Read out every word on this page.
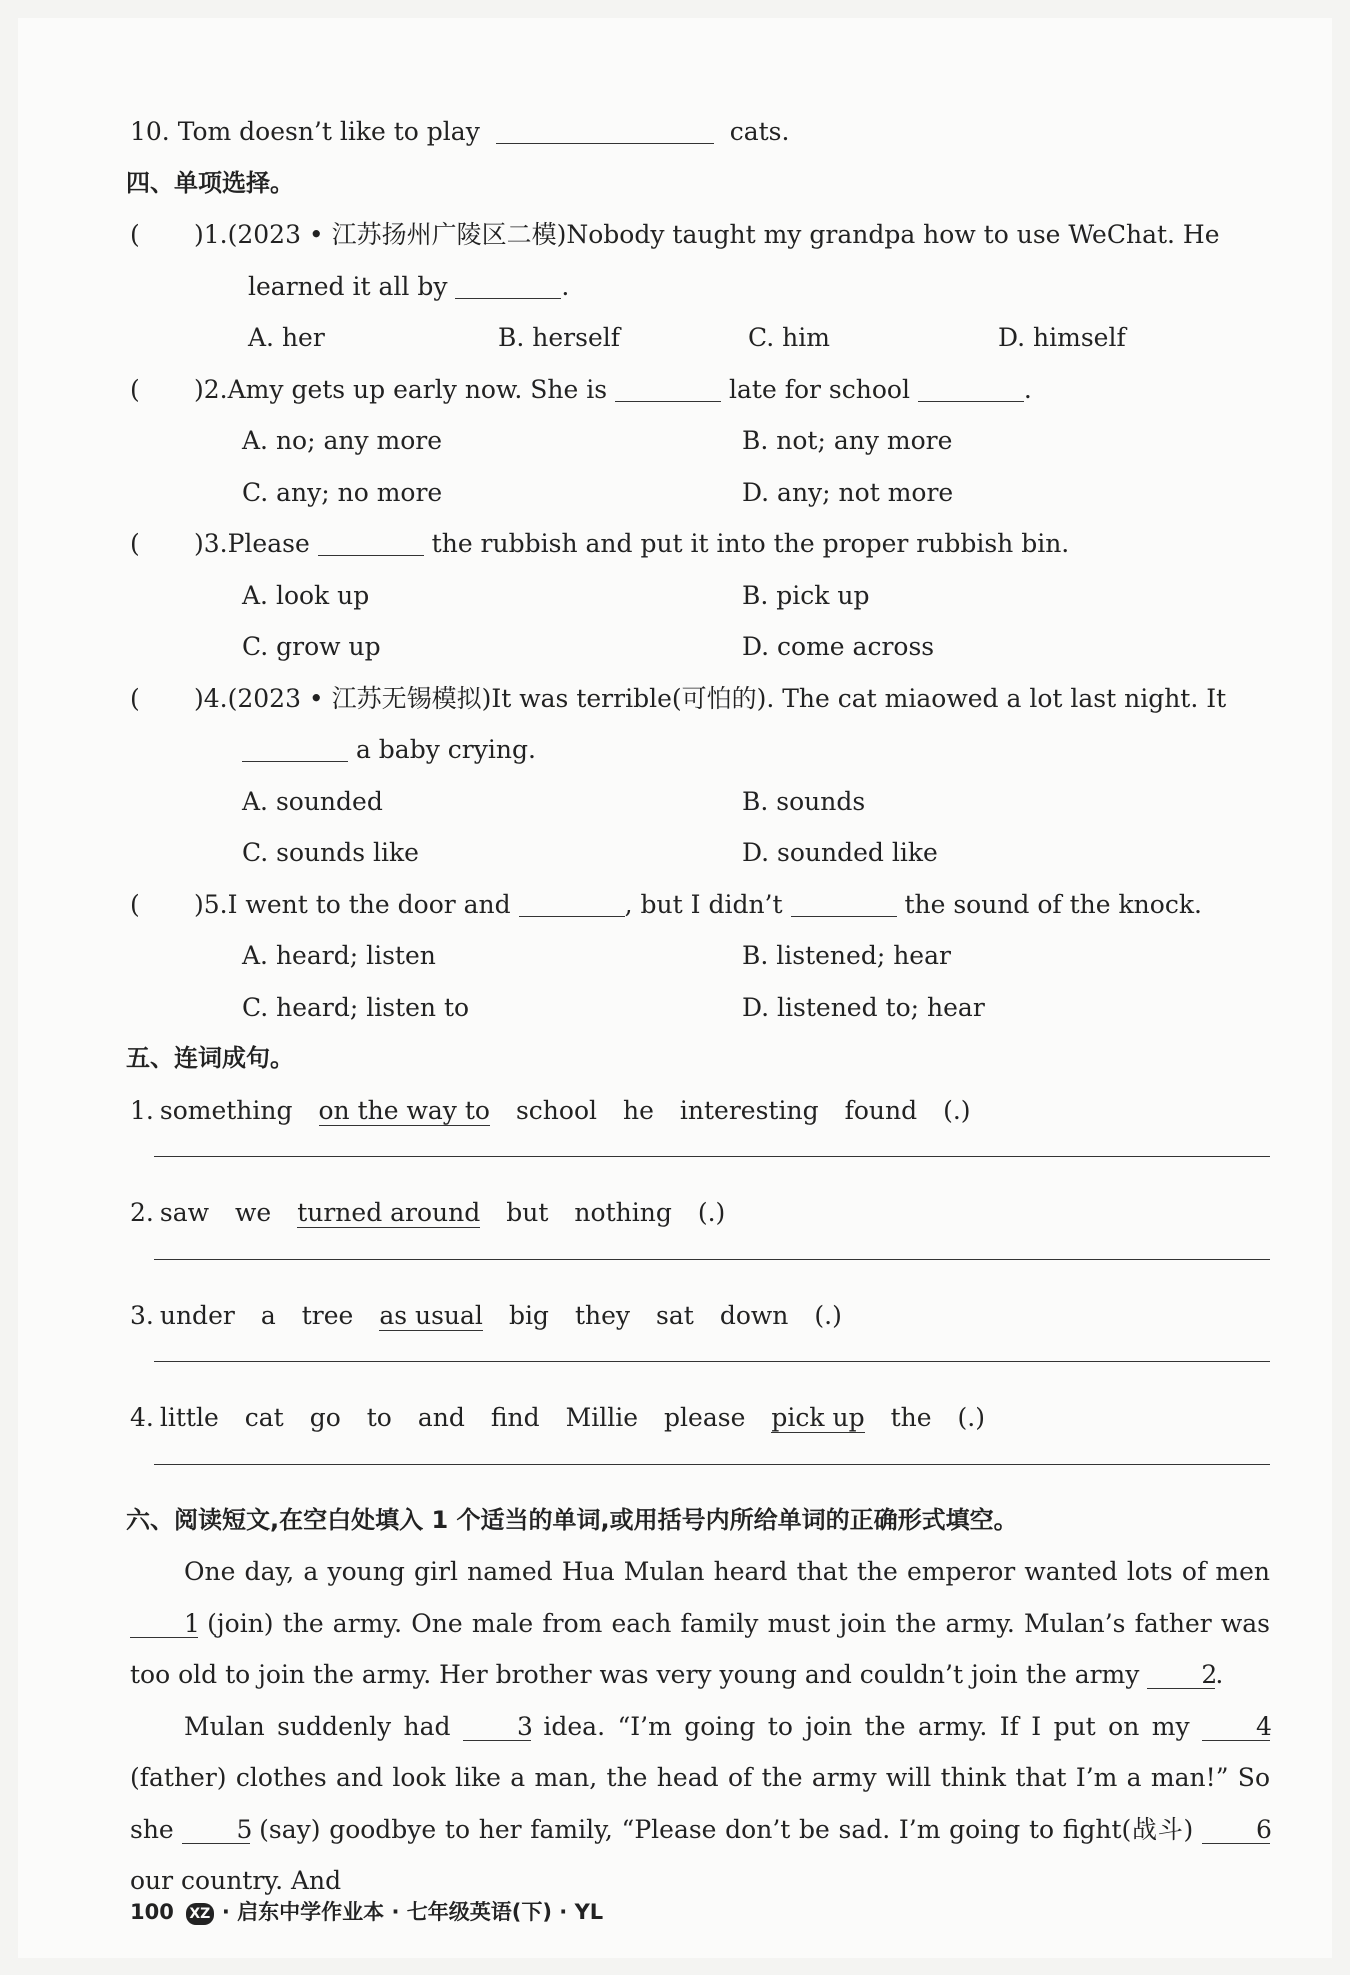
10. Tom doesn’t like to play	cats.
四、单项选择。
( )1.(2023 • 江苏扬州广陵区二模)Nobody taught my grandpa how to use WeChat. He
learned it all by	.
A. her	B. herself	C. him	D. himself
( )2.Amy gets up early now. She is	late for school	.
A. no; any more	B. not; any more
C. any; no more	D. any; not more
( )3.Please	the rubbish and put it into the proper rubbish bin.
A. look up	B. pick up
C. grow up	D. come across
( )4.(2023 • 江苏无锡模拟)It was terrible(可怕的). The cat miaowed a lot last night. It
a baby crying.
A. sounded	B. sounds
C. sounds like	D. sounded like
( )5.I went to the door and	, but I didn’t	the sound of the knock.
A. heard; listen	B. listened; hear
C. heard; listen to	D. listened to; hear
五、连词成句。
1. something on the way to school he interesting found (.)
2. saw we turned around but nothing (.)
3. under a tree as usual big they sat down (.)
4. little cat go to and find Millie please pick up the (.)
六、阅读短文,在空白处填入 1 个适当的单词,或用括号内所给单词的正确形式填空。
One day, a young girl named Hua Mulan heard that the emperor wanted lots of men 1 (join) the army. One male from each family must join the army. Mulan’s father was too old to join the army. Her brother was very young and couldn’t join the army 2.
Mulan suddenly had	3 idea. “I’m going to join the army. If I put on my	4 (father) clothes and look like a man, the head of the army will think that I’m a man!” So she	5 (say) goodbye to her family, “Please don’t be sad. I’m going to fight(战斗)	6 our country. And
100 XZ · 启东中学作业本 · 七年级英语(下) · YL
